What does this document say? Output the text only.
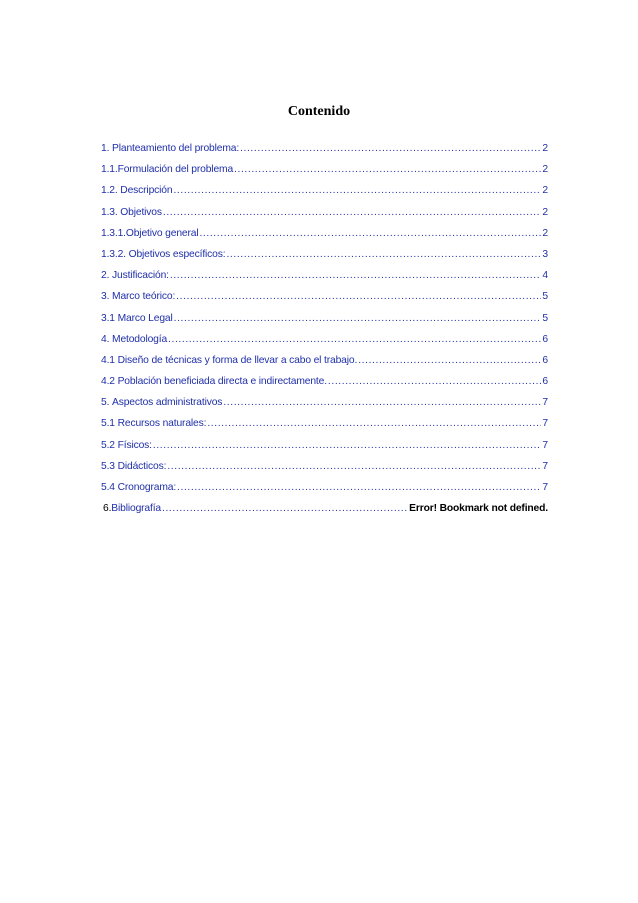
Contenido
1.
Planteamiento del problema: .....	2
1.1. Formulación del problema .....	2
1.2.
Descripción .....	2
1.3.
Objetivos .....	2
1.3.1. Objetivo general .....	2
1.3.2.
Objetivos específicos: .....	3
2.
Justificación: .....	4
3.
Marco teórico: .....	5
3.1
Marco Legal .....	5
4.
Metodología .....	6
4.1
Diseño de técnicas y forma de llevar a cabo el trabajo. .....	6
4.2
Población beneficiada directa e indirectamente. .....	6
5.
Aspectos administrativos .....	7
5.1
Recursos naturales: .....	7
5.2
Físicos: .....	7
5.3
Didácticos: .....	7
5.4
Cronograma: .....	7
6. Bibliografía .....	Error! Bookmark not defined.
